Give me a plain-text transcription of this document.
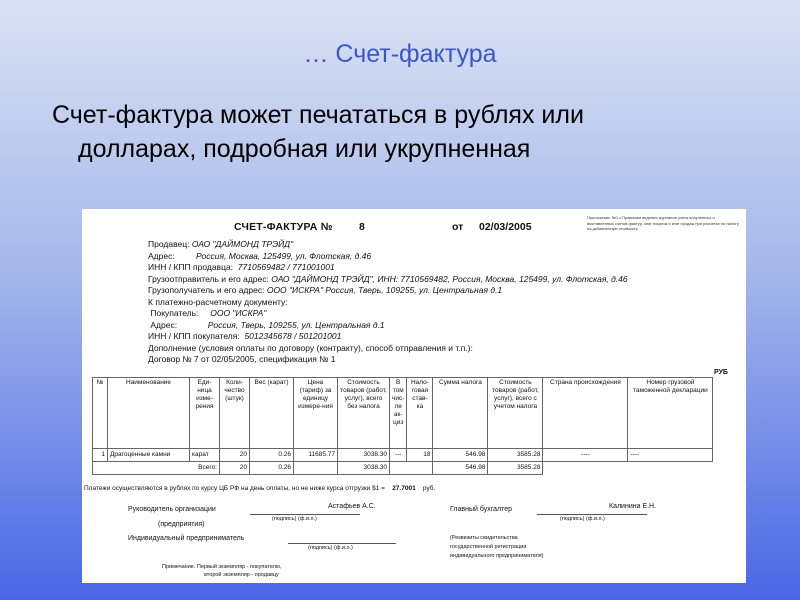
… Счет-фактура
Счет-фактура может печататься в рублях или
долларах, подробная или укрупненная
СЧЕТ-ФАКТУРА №	8	от 02/03/2005
Приложение №1 к Правилам ведения журналов учета полученных и выставленных счетов-фактур, книг покупок и книг продаж при расчетах по налогу на добавленную стоимость
Продавец: ОАО "ДАЙМОНД ТРЭЙД"
Адрес:	Россия, Москва, 125499, ул. Флотская, д.46
ИНН / КПП продавца: 7710569482 / 771001001
Грузоотправитель и его адрес: ОАО "ДАЙМОНД ТРЭЙД", ИНН: 7710569482, Россия, Москва, 125499, ул. Флотская, д.46
Грузополучатель и его адрес: ООО "ИСКРА" Россия, Тверь, 109255, ул. Центральная д.1
К платежно-расчетному документу:
Покупатель: ООО "ИСКРА"
Адрес:	Россия, Тверь, 109255, ул. Центральная д.1
ИНН / КПП покупателя: 5012345678 / 501201001
Дополнение (условия оплаты по договору (контракту), способ отправления и т.п.):
Договор № 7 от 02/05/2005, спецификация № 1
РУБ
№	Наименование	Еди-ница изме-рения	Коли-чество (штук)	Вес (карат)	Цена (тариф) за единицу измере-ния	Стоимость товаров (работ, услуг), всего без налога	В том чис-ле ак-циз	Нало-говая став-ка	Сумма налога	Стоимость товаров (работ, услуг), всего с учетом налога	Страна происхождения	Номер грузовой таможенной декларации
1	Драгоценные камни	карат	20	0.26	11685.77	3038.30	---	18	546.98	3585.28	----	----
Всего:			20	0.26		3038.30			546.98	3585.28		
Платежи осуществляются в рублях по курсу ЦБ РФ на день оплаты, но не ниже курса отгрузки $1 = 27.7001 руб.
Руководитель организации	Астафьев А.С.
(подпись) (ф.и.о.)
(предприятия)
Главный бухгалтер	Калинина Е.Н.
(подпись) (ф.и.о.)
Индивидуальный предприниматель
(подпись) (ф.и.о.)
(Реквизиты свидетельства
государственной регистрации
индивидуального предпринимателя)
Примечание. Первый экземпляр - покупателю,
второй экземпляр - продавцу
